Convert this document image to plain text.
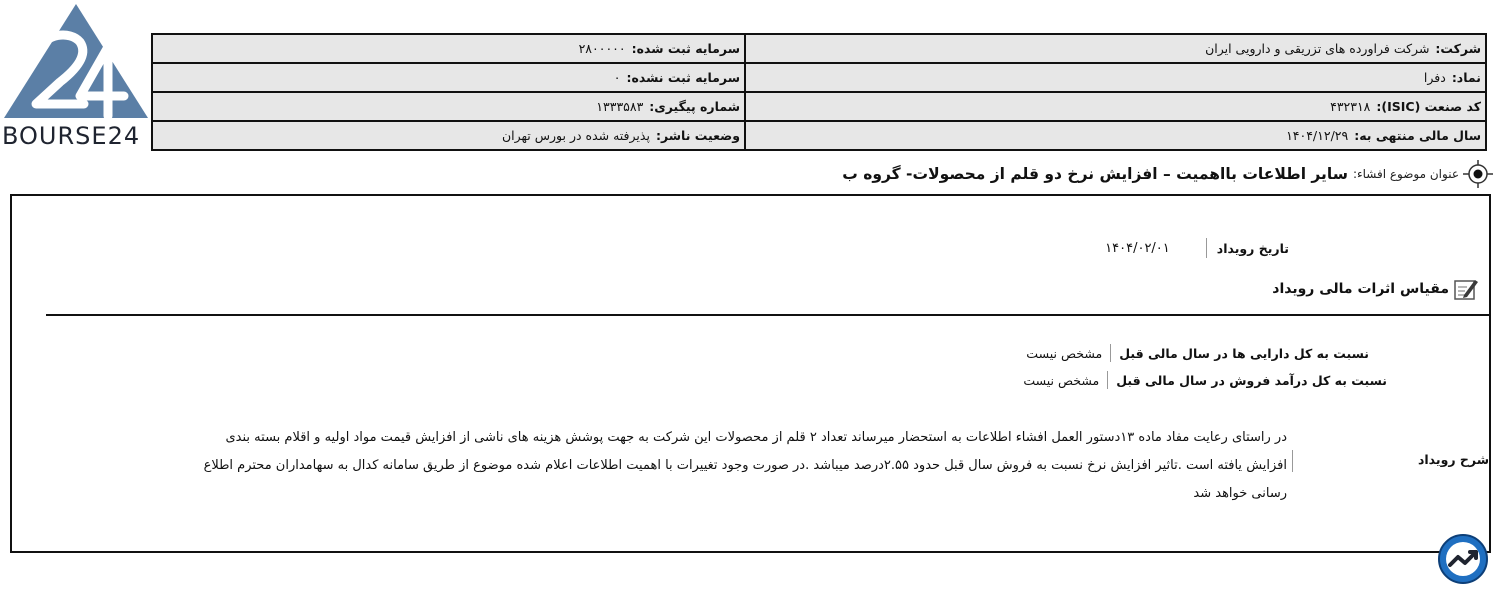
BOURSE24
شرکت:شرکت فراورده های تزریقی و دارویی ایران	سرمایه ثبت شده:۲۸۰۰۰۰۰
نماد:دفرا	سرمایه ثبت نشده:۰
کد صنعت (ISIC):۴۳۲۳۱۸	شماره پیگیری:۱۳۳۳۵۸۳
سال مالی منتهی به:۱۴۰۴/۱۲/۲۹	وضعیت ناشر:پذیرفته شده در بورس تهران
عنوان موضوع افشاء:
سایر اطلاعات بااهمیت – افزایش نرخ دو قلم از محصولات- گروه ب
تاریخ رویداد
۱۴۰۴/۰۲/۰۱
مقیاس اثرات مالی رویداد
نسبت به کل دارایی ها در سال مالی قبل
مشخص نیست
نسبت به کل درآمد فروش در سال مالی قبل
مشخص نیست
شرح رویداد
در راستای رعایت مفاد ماده ۱۳دستور العمل افشاء اطلاعات به استحضار میرساند تعداد ۲ قلم از محصولات این شرکت به جهت پوشش هزینه های ناشی از افزایش قیمت مواد اولیه و اقلام بسته بندی
افزایش یافته است .تاثیر افزایش نرخ نسبت به فروش سال قبل حدود ۲.۵۵درصد میباشد .در صورت وجود تغییرات با اهمیت اطلاعات اعلام شده موضوع از طریق سامانه کدال به سهامداران محترم اطلاع
رسانی خواهد شد
